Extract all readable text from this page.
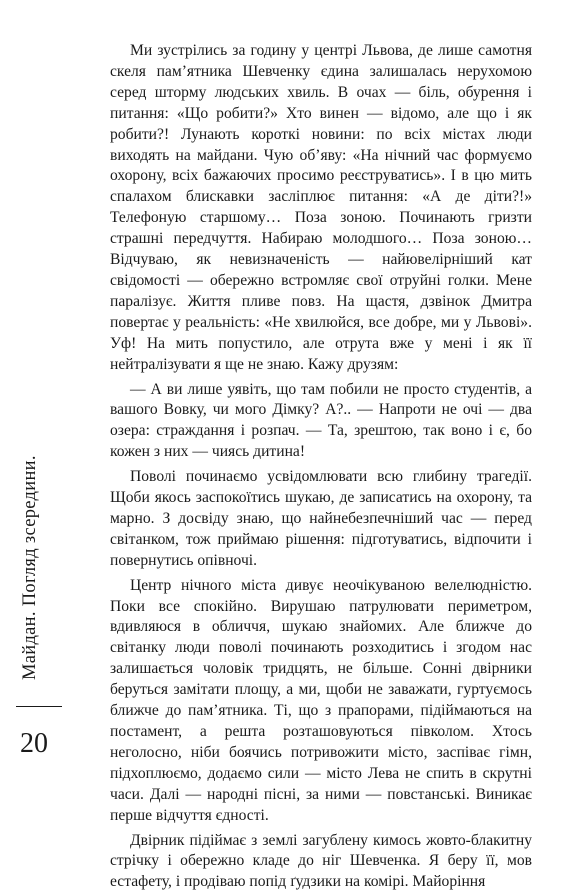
Майдан. Погляд зсередини.
20

Ми зустрілись за годину у центрі Львова, де лише самотня скеля пам’ятника Шевченку єдина залишалась нерухомою серед шторму людських хвиль. В очах — біль, обурення і питання: «Що робити?» Хто винен — відомо, але що і як робити?! Лунають короткі новини: по всіх містах люди виходять на майдани. Чую об’яву: «На нічний час формуємо охорону, всіх бажаючих просимо реєструватись». І в цю мить спалахом блискавки засліплює питання: «А де діти?!» Телефоную старшому… Поза зоною. Починають гризти страшні передчуття. Набираю молодшого… Поза зоною… Відчуваю, як невизначеність — найювелірніший кат свідомості — обережно встромляє свої отруйні голки. Мене паралізує. Життя пливе повз. На щастя, дзвінок Дмитра повертає у реальність: «Не хвилюйся, все добре, ми у Львові». Уф! На мить попустило, але отрута вже у мені і як її нейтралізувати я ще не знаю. Кажу друзям:

— А ви лише уявіть, що там побили не просто студентів, а вашого Вовку, чи мого Дімку? А?.. — Напроти не очі — два озера: страждання і розпач. — Та, зрештою, так воно і є, бо кожен з них — чиясь дитина!

Поволі починаємо усвідомлювати всю глибину трагедії. Щоби якось заспокоїтись шукаю, де записатись на охорону, та марно. З досвіду знаю, що найнебезпечніший час — перед світанком, тож приймаю рішення: підготуватись, відпочити і повернутись опівночі.

Центр нічного міста дивує неочікуваною велелюдністю. Поки все спокійно. Вирушаю патрулювати периметром, вдивляюся в обличчя, шукаю знайомих. Але ближче до світанку люди поволі починають розходитись і згодом нас залишається чоловік тридцять, не більше. Сонні двірники беруться замітати площу, а ми, щоби не заважати, гуртуємось ближче до пам’ятника. Ті, що з прапорами, підіймаються на постамент, а решта розташовуються півколом. Хтось неголосно, ніби боячись потривожити місто, заспіває гімн, підхоплюємо, додаємо сили — місто Лева не спить в скрутні часи. Далі — народні пісні, за ними — повстанські. Виникає перше відчуття єдності.

Двірник підіймає з землі загублену кимось жовто-блакитну стрічку і обережно кладе до ніг Шевченка. Я беру її, мов естафету, і продіваю попід ґудзики на комірі. Майоріння
